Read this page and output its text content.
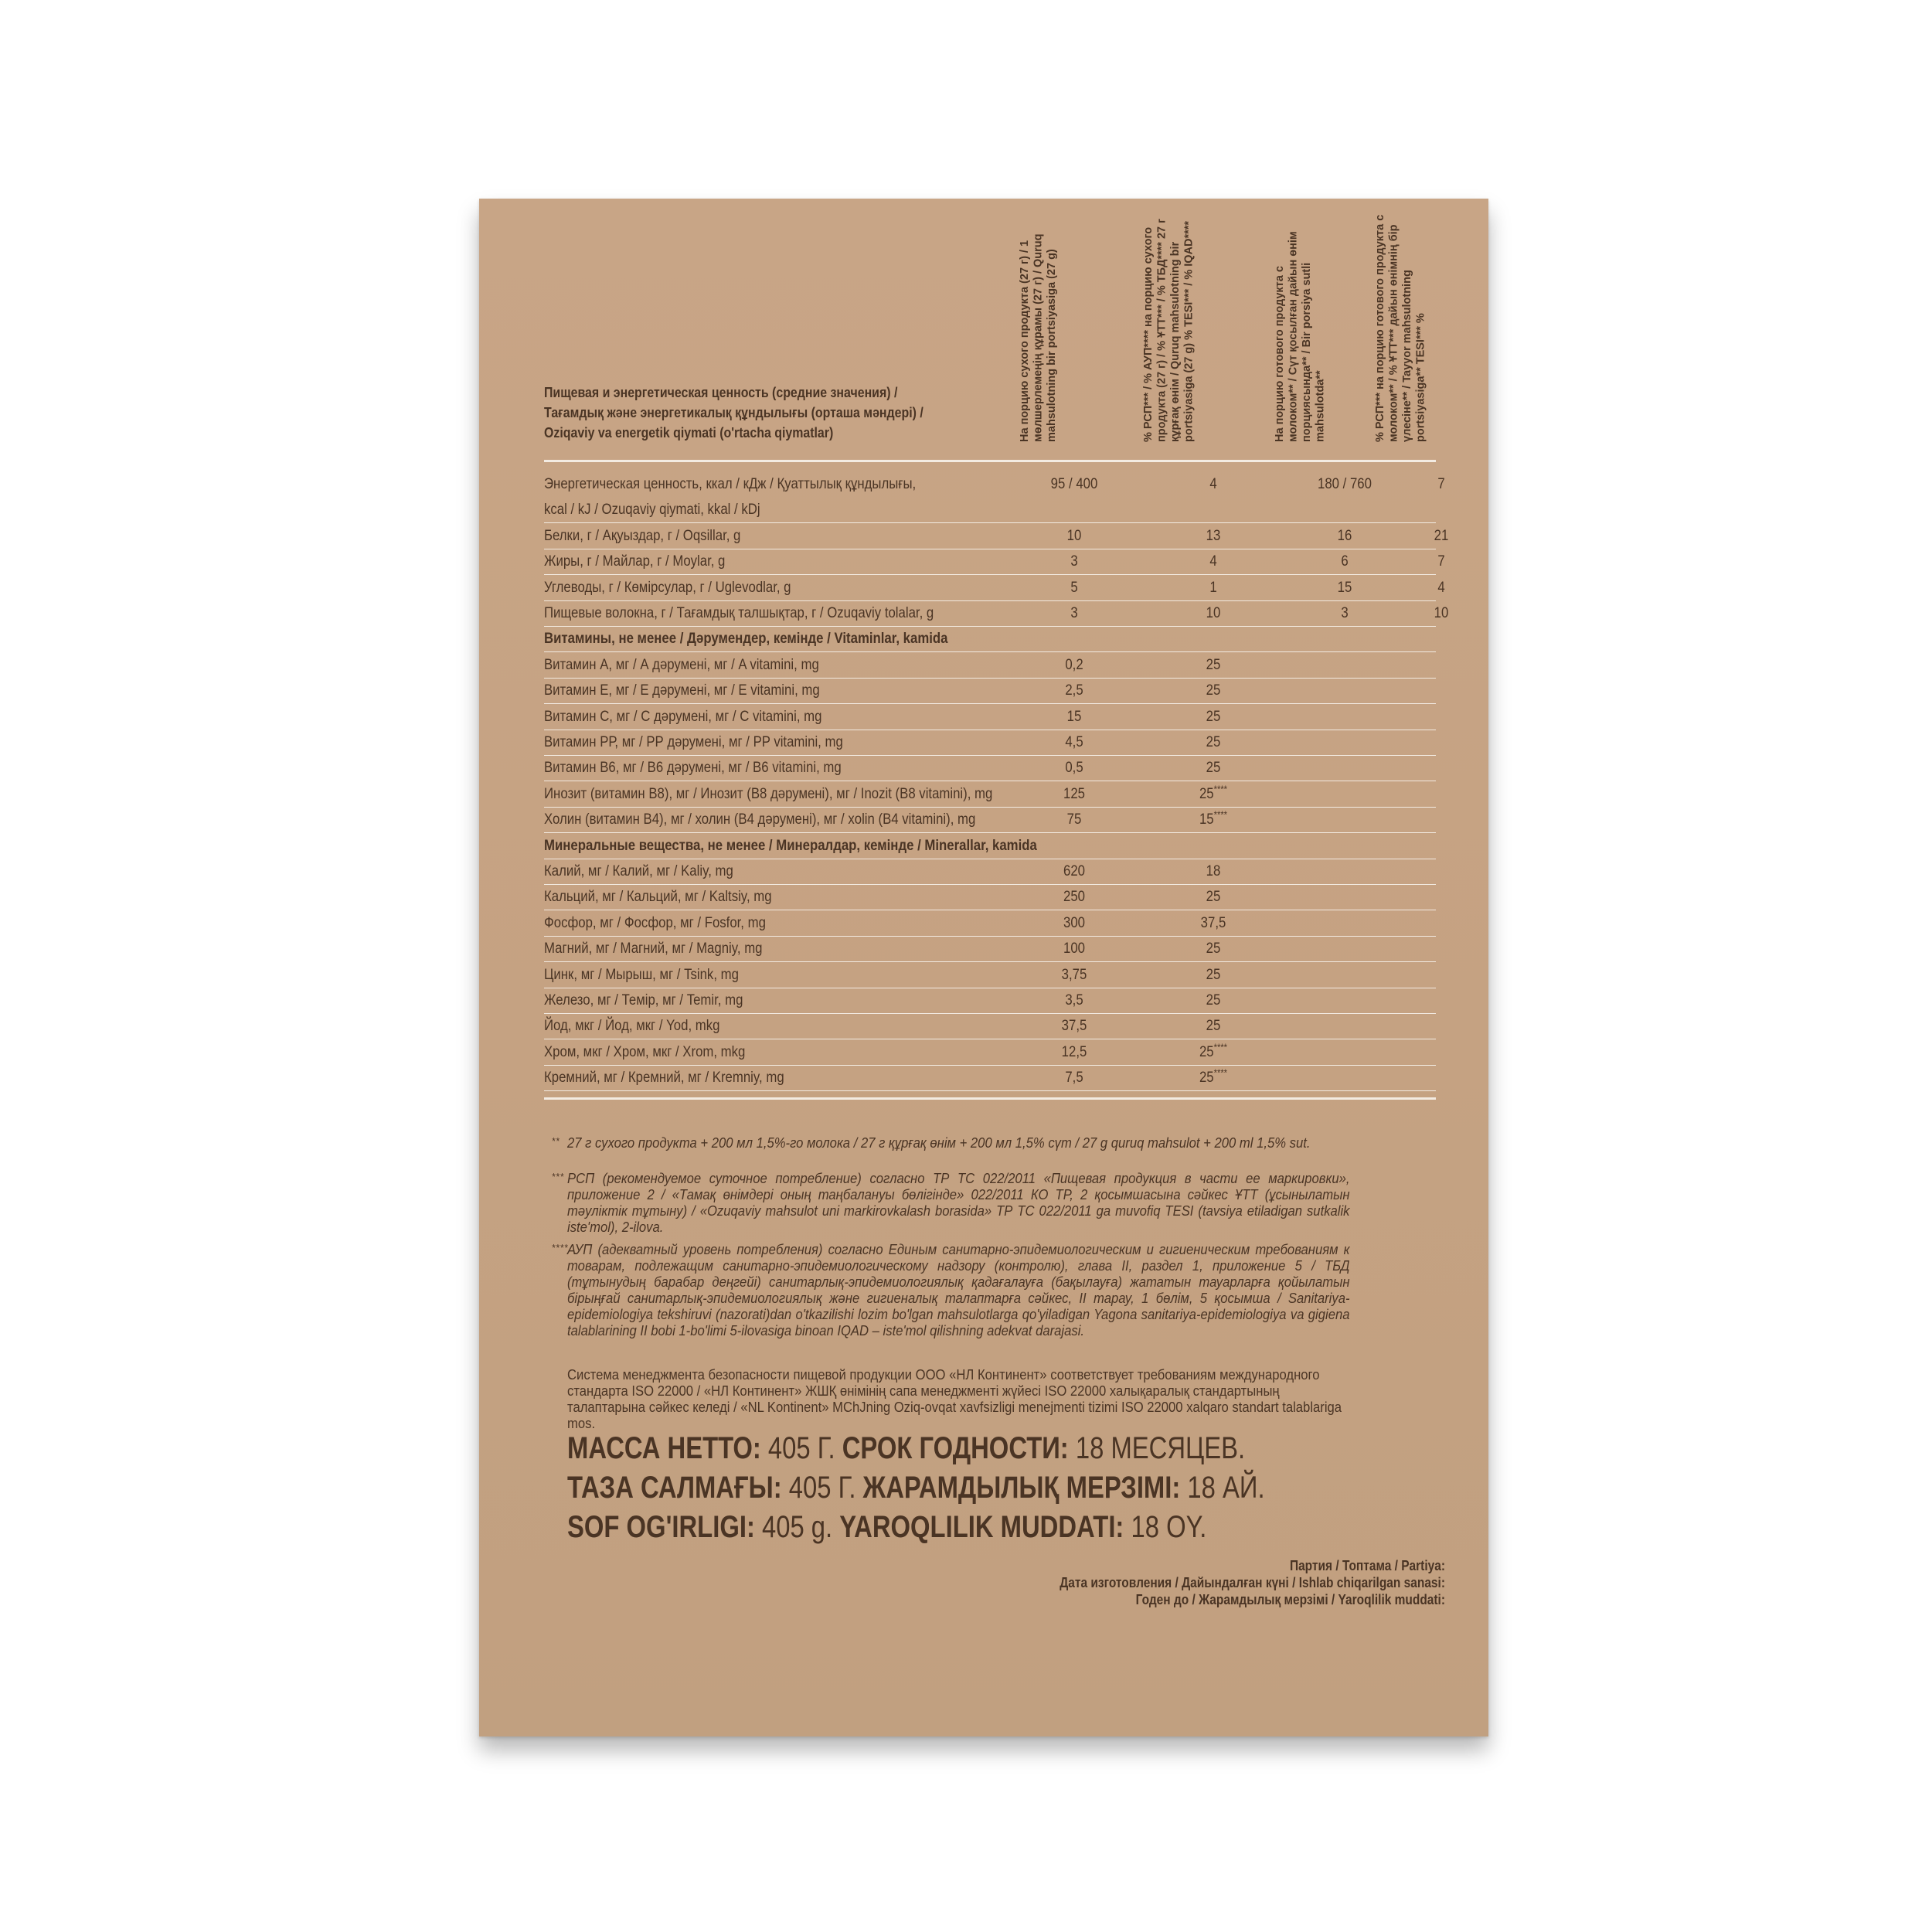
Пищевая и энергетическая ценность (средние значения) /
Тағамдық және энергетикалық құндылығы (орташа мәндері) /
Oziqaviy va energetik qiymati (o'rtacha qiymatlar)	На порцию сухого продукта (27 г) / 1 мөлшерлемеңің құрамы (27 г) / Quruq mahsulotning bir portsiyasiga (27 g)	% РСП*** / % АУП**** на порцию сухого продукта (27 г) / % ҰТТ*** / % ТБД**** 27 г құрғақ өнім / Quruq mahsulotning bir portsiyasiga (27 g) % TESI*** / % IQAD****	На порцию готового продукта с молоком** / Сүт қосылған дайын өнім порциясында** / Bir porsiya sutli mahsulotda**	% РСП*** на порцию готового продукта с молоком** / % ҰТТ*** дайын өнімнің бір үлесіне** / Tayyor mahsulotning portsiyasiga** TESI*** %
Энергетическая ценность, ккал / кДж / Қуаттылық құндылығы,	95 / 400	4	180 / 760	7
kcal / kJ / Ozuqaviy qiymati, kkal / kDj
Белки, г / Ақуыздар, г / Oqsillar, g	10	13	16	21
Жиры, г / Майлар, г / Moylar, g	3	4	6	7
Углеводы, г / Көмірсулар, г / Uglevodlar, g	5	1	15	4
Пищевые волокна, г / Тағамдық талшықтар, г / Ozuqaviy tolalar, g	3	10	3	10
Витамины, не менее / Дәрумендер, кемінде / Vitaminlar, kamida
Витамин А, мг / А дәрумені, мг / A vitamini, mg	0,2	25
Витамин Е, мг / Е дәрумені, мг / E vitamini, mg	2,5	25
Витамин С, мг / С дәрумені, мг / C vitamini, mg	15	25
Витамин РР, мг / РР дәрумені, мг / PP vitamini, mg	4,5	25
Витамин В6, мг / В6 дәрумені, мг / B6 vitamini, mg	0,5	25
Инозит (витамин В8), мг / Инозит (В8 дәрумені), мг / Inozit (B8 vitamini), mg	125	25****
Холин (витамин В4), мг / холин (В4 дәрумені), мг / xolin (B4 vitamini), mg	75	15****
Минеральные вещества, не менее / Минералдар, кемінде / Minerallar, kamida
Калий, мг / Калий, мг / Kaliy, mg	620	18
Кальций, мг / Кальций, мг / Kaltsiy, mg	250	25
Фосфор, мг / Фосфор, мг / Fosfor, mg	300	37,5
Магний, мг / Магний, мг / Magniy, mg	100	25
Цинк, мг / Мырыш, мг / Tsink, mg	3,75	25
Железо, мг / Темір, мг / Temir, mg	3,5	25
Йод, мкг / Йод, мкг / Yod, mkg	37,5	25
Хром, мкг / Хром, мкг / Xrom, mkg	12,5	25****
Кремний, мг / Кремний, мг / Kremniy, mg	7,5	25****
** 27 г сухого продукта + 200 мл 1,5%-го молока / 27 г құрғақ өнім + 200 мл 1,5% сүт / 27 g quruq mahsulot + 200 ml 1,5% sut.
*** РСП (рекомендуемое суточное потребление) согласно ТР ТС 022/2011 «Пищевая продукция в части ее маркировки», приложение 2 / «Тамақ өнімдері оның таңбалануы бөлігінде» 022/2011 КО ТР, 2 қосымшасына сәйкес ҰТТ (ұсынылатын тәуліктік тұтыну) / «Ozuqaviy mahsulot uni markirovkalash borasida» ТР ТС 022/2011 ga muvofiq TESI (tavsiya etiladigan sutkalik iste'mol), 2-ilova.
****
АУП (адекватный уровень потребления) согласно Единым санитарно-эпидемиологическим и гигиеническим требованиям к товарам, подлежащим санитарно-эпидемиологическому надзору (контролю), глава II, раздел 1, приложение 5 / ТБД (тұтынудың барабар деңгейі) санитарлық-эпидемиологиялық қадағалауға (бақылауға) жататын тауарларға қойылатын бірыңғай санитарлық-эпидемиологиялық және гигиеналық талаптарға сәйкес, II тарау, 1 бөлім, 5 қосымша / Sanitariya-epidemiologiya tekshiruvi (nazorati)dan o'tkazilishi lozim bo'lgan mahsulotlarga qo'yiladigan Yagona sanitariya-epidemiologiya va gigiena talablarining II bobi 1-bo'limi 5-ilovasiga binoan IQAD – iste'mol qilishning adekvat darajasi.
Система менеджмента безопасности пищевой продукции ООО «НЛ Континент» соответствует требованиям международного стандарта ISO 22000 / «НЛ Континент» ЖШҚ өнімінің сапа менеджменті жүйесі ISO 22000 халықаралық стандартының талаптарына сәйкес келеді / «NL Kontinent» MChJning Oziq-ovqat xavfsizligi menejmenti tizimi ISO 22000 xalqaro standart talablariga mos.
МАССА НЕТТО: 405 Г. СРОК ГОДНОСТИ: 18 МЕСЯЦЕВ.
ТАЗА САЛМАҒЫ: 405 Г. ЖАРАМДЫЛЫҚ МЕРЗІМІ: 18 АЙ.
SOF OG'IRLIGI: 405 g. YAROQLILIK MUDDATI: 18 OY.
Партия / Топтама / Partiya:
Дата изготовления / Дайындалған күні / Ishlab chiqarilgan sanasi:
Годен до / Жарамдылық мерзімі / Yaroqlilik muddati:
